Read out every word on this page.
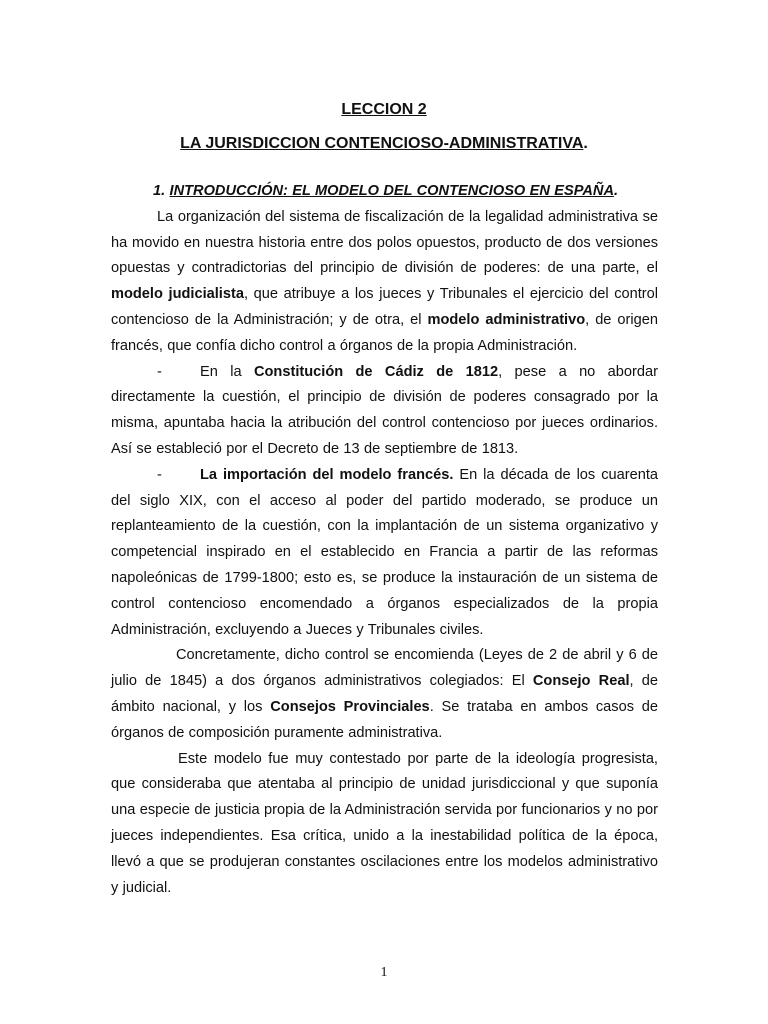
LECCION 2
LA JURISDICCION CONTENCIOSO-ADMINISTRATIVA.
1. INTRODUCCIÓN: EL MODELO DEL CONTENCIOSO EN ESPAÑA.

La organización del sistema de fiscalización de la legalidad administrativa se ha movido en nuestra historia entre dos polos opuestos, producto de dos versiones opuestas y contradictorias del principio de división de poderes: de una parte, el modelo judicialista, que atribuye a los jueces y Tribunales el ejercicio del control contencioso de la Administración; y de otra, el modelo administrativo, de origen francés, que confía dicho control a órganos de la propia Administración.

-	En la Constitución de Cádiz de 1812, pese a no abordar directamente la cuestión, el principio de división de poderes consagrado por la misma, apuntaba hacia la atribución del control contencioso por jueces ordinarios. Así se estableció por el Decreto de 13 de septiembre de 1813.

-	La importación del modelo francés. En la década de los cuarenta del siglo XIX, con el acceso al poder del partido moderado, se produce un replanteamiento de la cuestión, con la implantación de un sistema organizativo y competencial inspirado en el establecido en Francia a partir de las reformas napoleónicas de 1799-1800; esto es, se produce la instauración de un sistema de control contencioso encomendado a órganos especializados de la propia Administración, excluyendo a Jueces y Tribunales civiles.

Concretamente, dicho control se encomienda (Leyes de 2 de abril y 6 de julio de 1845) a dos órganos administrativos colegiados: El Consejo Real, de ámbito nacional, y los Consejos Provinciales. Se trataba en ambos casos de órganos de composición puramente administrativa.

Este modelo fue muy contestado por parte de la ideología progresista, que consideraba que atentaba al principio de unidad jurisdiccional y que suponía una especie de justicia propia de la Administración servida por funcionarios y no por jueces independientes. Esa crítica, unido a la inestabilidad política de la época, llevó a que se produjeran constantes oscilaciones entre los modelos administrativo y judicial.

1
